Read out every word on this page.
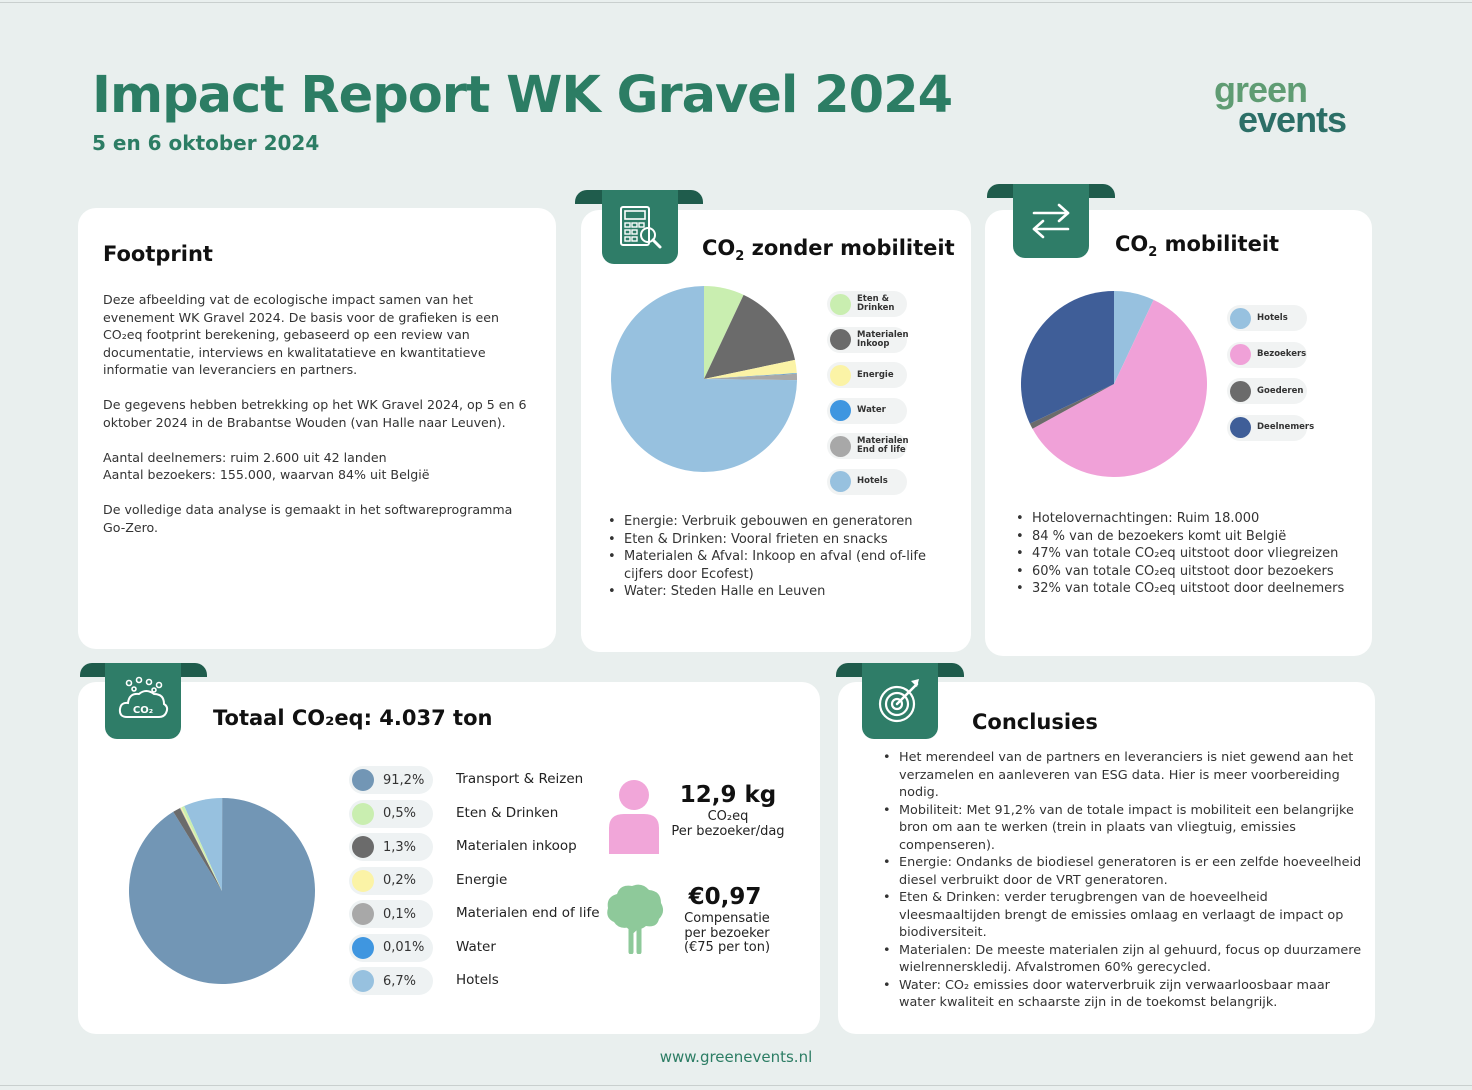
Impact Report WK Gravel 2024
5 en 6 oktober 2024
green
events
Footprint

Deze afbeelding vat de ecologische impact samen van het evenement WK Gravel 2024. De basis voor de grafieken is een CO₂eq footprint berekening, gebaseerd op een review van documentatie, interviews en kwalitatatieve en kwantitatieve informatie van leveranciers en partners.

De gegevens hebben betrekking op het WK Gravel 2024, op 5 en 6 oktober 2024 in de Brabantse Wouden (van Halle naar Leuven).

Aantal deelnemers: ruim 2.600 uit 42 landen
Aantal bezoekers: 155.000, waarvan 84% uit België

De volledige data analyse is gemaakt in het softwareprogramma Go-Zero.

$CO_2$ zonder mobiliteit
Eten &
Drinken
Materialen
Inkoop
Energie
Water
Materialen
End of life
Hotels
• Energie: Verbruik gebouwen en generatoren
• Eten & Drinken: Vooral frieten en snacks
• Materialen & Afval: Inkoop en afval (end of-life cijfers door Ecofest)
• Water: Steden Halle en Leuven
$CO_2$ mobiliteit
Hotels
Bezoekers
Goederen
Deelnemers
• Hotelovernachtingen: Ruim 18.000
• 84 % van de bezoekers komt uit België
• 47% van totale CO₂eq uitstoot door vliegreizen
• 60% van totale CO₂eq uitstoot door bezoekers
• 32% van totale CO₂eq uitstoot door deelnemers
CO₂	Totaal CO₂eq: 4.037 ton
91,2% Transport & Reizen
0,5%	Eten & Drinken
1,3%	Materialen inkoop
0,2%	Energie
0,1%	Materialen end of life
0,01% Water
6,7%	Hotels
12,9 kg
CO₂eq
Per bezoeker/dag
€0,97
Compensatie
per bezoeker
(€75 per ton)
Conclusies
• Het merendeel van de partners en leveranciers is niet gewend aan het verzamelen en aanleveren van ESG data. Hier is meer voorbereiding nodig.
• Mobiliteit: Met 91,2% van de totale impact is mobiliteit een belangrijke bron om aan te werken (trein in plaats van vliegtuig, emissies compenseren).
• Energie: Ondanks de biodiesel generatoren is er een zelfde hoeveelheid diesel verbruikt door de VRT generatoren.
• Eten & Drinken: verder terugbrengen van de hoeveelheid vleesmaaltijden brengt de emissies omlaag en verlaagt de impact op biodiversiteit.
• Materialen: De meeste materialen zijn al gehuurd, focus op duurzamere wielrennerskledij. Afvalstromen 60% gerecycled.
• Water: CO₂ emissies door waterverbruik zijn verwaarloosbaar maar water kwaliteit en schaarste zijn in de toekomst belangrijk.
www.greenevents.nl
